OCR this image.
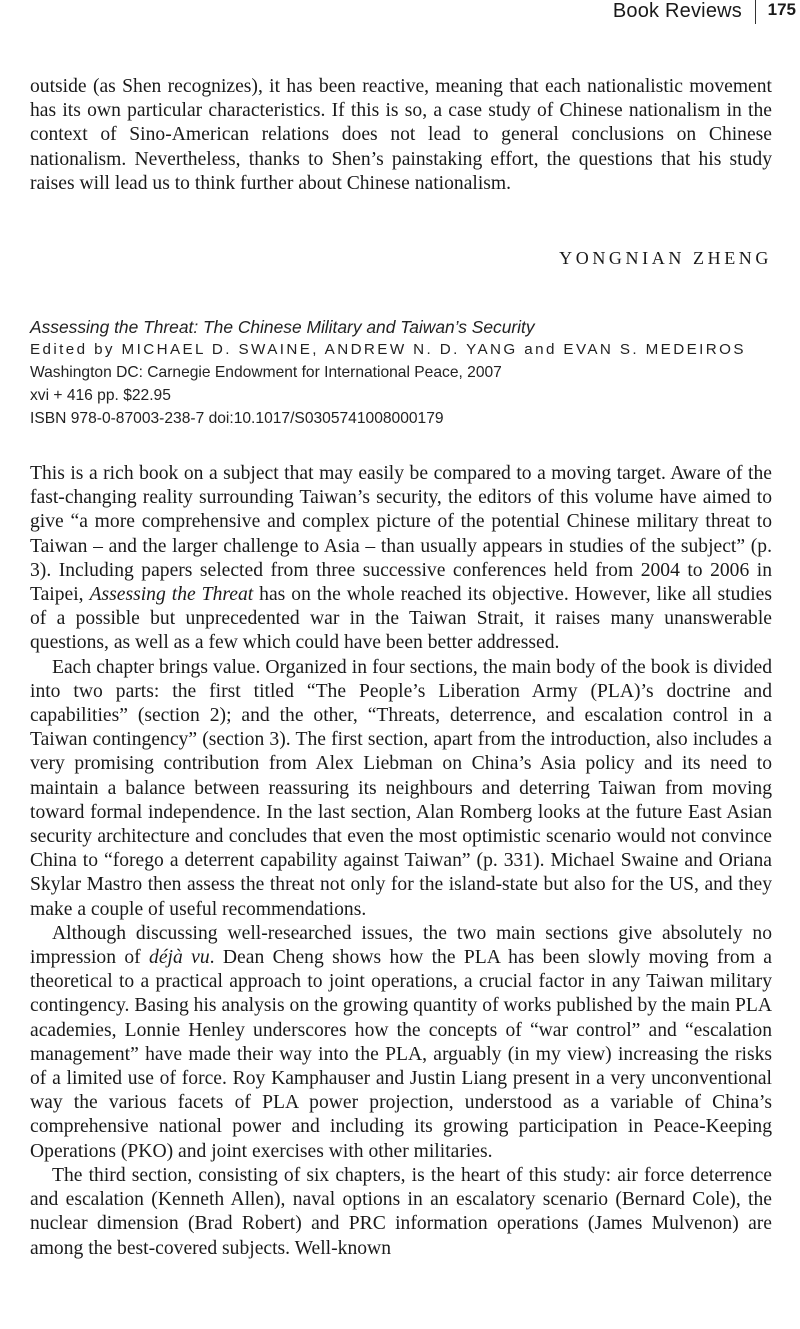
Book Reviews 175

outside (as Shen recognizes), it has been reactive, meaning that each nationalistic movement has its own particular characteristics. If this is so, a case study of Chinese nationalism in the context of Sino-American relations does not lead to general conclusions on Chinese nationalism. Nevertheless, thanks to Shen’s painstaking effort, the questions that his study raises will lead us to think further about Chinese nationalism.

YONGNIAN ZHENG
Assessing the Threat: The Chinese Military and Taiwan’s Security
Edited by MICHAEL D. SWAINE, ANDREW N. D. YANG and EVAN S. MEDEIROS
Washington DC: Carnegie Endowment for International Peace, 2007
xvi + 416 pp. $22.95
ISBN 978-0-87003-238-7 doi:10.1017/S0305741008000179

This is a rich book on a subject that may easily be compared to a moving target. Aware of the fast-changing reality surrounding Taiwan’s security, the editors of this volume have aimed to give “a more comprehensive and complex picture of the potential Chinese military threat to Taiwan – and the larger challenge to Asia – than usually appears in studies of the subject” (p. 3). Including papers selected from three successive conferences held from 2004 to 2006 in Taipei, Assessing the Threat has on the whole reached its objective. However, like all studies of a possible but unprecedented war in the Taiwan Strait, it raises many unanswerable questions, as well as a few which could have been better addressed.

Each chapter brings value. Organized in four sections, the main body of the book is divided into two parts: the first titled “The People’s Liberation Army (PLA)’s doctrine and capabilities” (section 2); and the other, “Threats, deterrence, and escalation control in a Taiwan contingency” (section 3). The first section, apart from the introduction, also includes a very promising contribution from Alex Liebman on China’s Asia policy and its need to maintain a balance between reassuring its neighbours and deterring Taiwan from moving toward formal independence. In the last section, Alan Romberg looks at the future East Asian security architecture and concludes that even the most optimistic scenario would not convince China to “forego a deterrent capability against Taiwan” (p. 331). Michael Swaine and Oriana Skylar Mastro then assess the threat not only for the island-state but also for the US, and they make a couple of useful recommendations.

Although discussing well-researched issues, the two main sections give absolutely no impression of déjà vu. Dean Cheng shows how the PLA has been slowly moving from a theoretical to a practical approach to joint operations, a crucial factor in any Taiwan military contingency. Basing his analysis on the growing quantity of works published by the main PLA academies, Lonnie Henley underscores how the concepts of “war control” and “escalation management” have made their way into the PLA, arguably (in my view) increasing the risks of a limited use of force. Roy Kamphauser and Justin Liang present in a very unconventional way the various facets of PLA power projection, understood as a variable of China’s comprehensive national power and including its growing participation in Peace-Keeping Operations (PKO) and joint exercises with other militaries.

The third section, consisting of six chapters, is the heart of this study: air force deterrence and escalation (Kenneth Allen), naval options in an escalatory scenario (Bernard Cole), the nuclear dimension (Brad Robert) and PRC information operations (James Mulvenon) are among the best-covered subjects. Well-known
